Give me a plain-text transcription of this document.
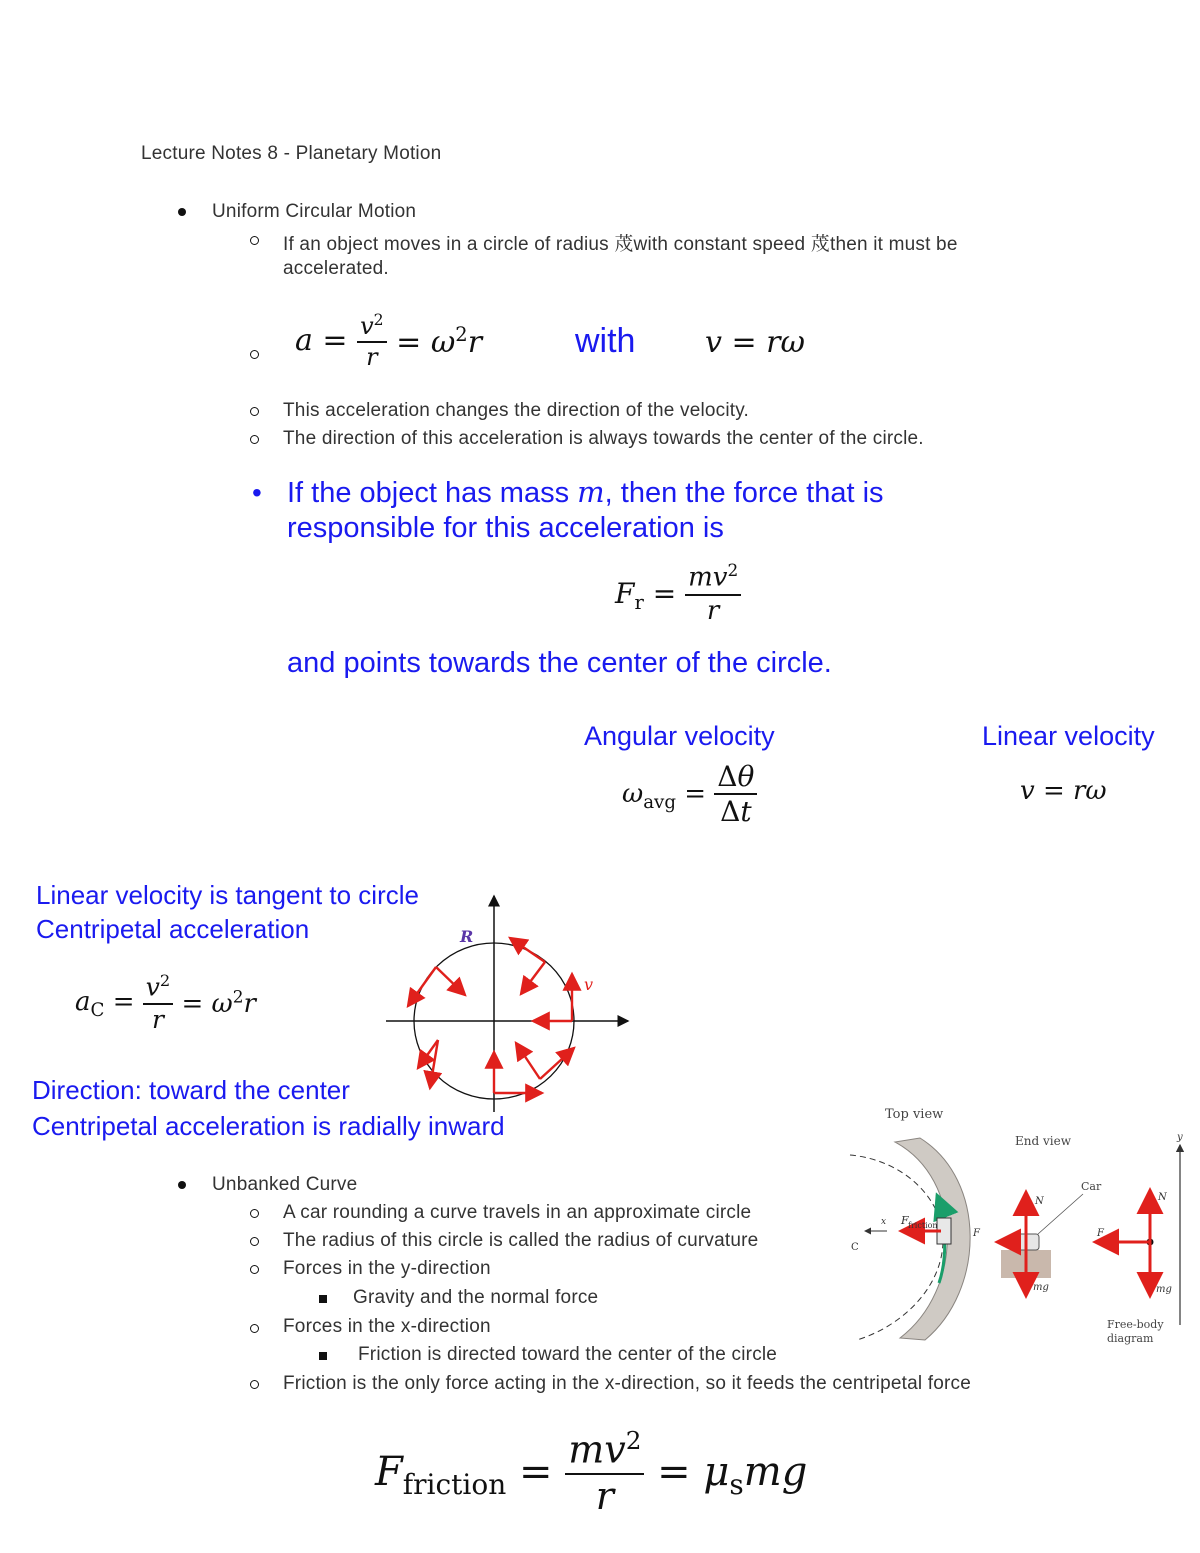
Lecture Notes 8 - Planetary Motion
Uniform Circular Motion
If an object moves in a circle of radius 荗with constant speed 荗then it must be
accelerated.
$a = \frac{v^2}{r} = \omega^2r$	with v = rω
This acceleration changes the direction of the velocity.
The direction of this acceleration is always towards the center of the circle.
• If the object has mass m, then the force that is
responsible for this acceleration is
$F_r = \frac{mv^2}{r}$
and points towards the center of the circle.
Angular velocity	Linear velocity
$\omega_{avg} = \frac{\Delta\theta}{\Delta t}$	v = rω
Linear velocity is tangent to circle
Centripetal acceleration
$a_C = \frac{v^2}{r} = \omega^2r$
Direction: toward the center
Centripetal acceleration is radially inward
R
v
Unbanked Curve
A car rounding a curve travels in an approximate circle
The radius of this circle is called the radius of curvature
Forces in the y-direction
Gravity and the normal force
Forces in the x-direction
Friction is directed toward the center of the circle
Friction is the only force acting in the x-direction, so it feeds the centripetal force
Top view
End view
F friction
x
C
N
mg
F
Car
y
N
mg
F
Free-body
diagram
$F_{friction} = \frac{mv^2}{r} = \mu_smg$
